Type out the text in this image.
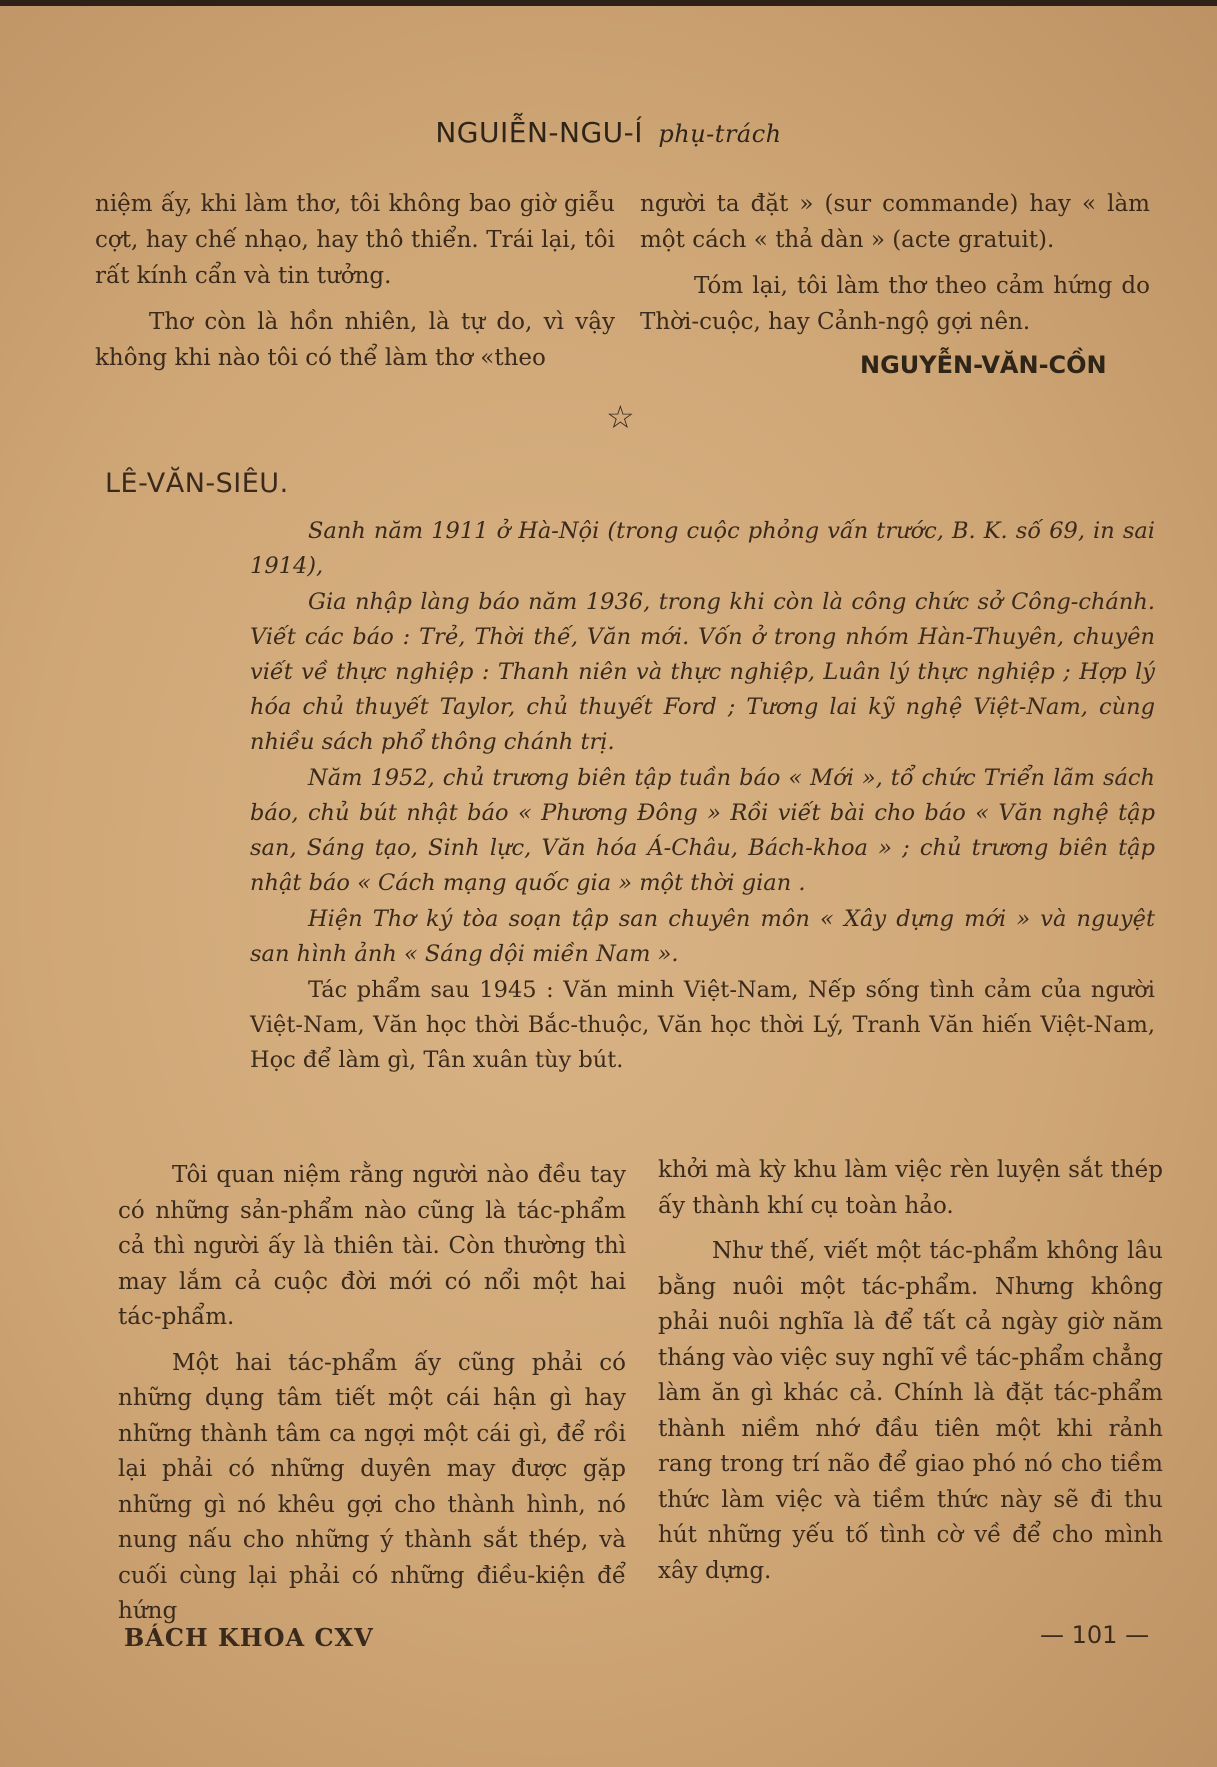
NGUIỄN-NGU-Í phụ-trách

niệm ấy, khi làm thơ, tôi không bao giờ giễu cợt, hay chế nhạo, hay thô thiển. Trái lại, tôi rất kính cẩn và tin tưởng.

Thơ còn là hồn nhiên, là tự do, vì vậy không khi nào tôi có thể làm thơ «theo

người ta đặt » (sur commande) hay « làm một cách « thả dàn » (acte gratuit).

Tóm lại, tôi làm thơ theo cảm hứng do Thời-cuộc, hay Cảnh-ngộ gợi nên.

NGUYỄN-VĂN-CỒN
☆
LÊ-VĂN-SIÊU.

Sanh năm 1911 ở Hà-Nội (trong cuộc phỏng vấn trước, B. K. số 69, in sai 1914),

Gia nhập làng báo năm 1936, trong khi còn là công chức sở Công-chánh. Viết các báo : Trẻ, Thời thế, Văn mới. Vốn ở trong nhóm Hàn-Thuyên, chuyên viết về thực nghiệp : Thanh niên và thực nghiệp, Luân lý thực nghiệp ; Hợp lý hóa chủ thuyết Taylor, chủ thuyết Ford ; Tương lai kỹ nghệ Việt-Nam, cùng nhiều sách phổ thông chánh trị.

Năm 1952, chủ trương biên tập tuần báo « Mới », tổ chức Triển lãm sách báo, chủ bút nhật báo « Phương Đông » Rồi viết bài cho báo « Văn nghệ tập san, Sáng tạo, Sinh lực, Văn hóa Á-Châu, Bách-khoa » ; chủ trương biên tập nhật báo « Cách mạng quốc gia » một thời gian .

Hiện Thơ ký tòa soạn tập san chuyên môn « Xây dựng mới » và nguyệt san hình ảnh « Sáng dội miền Nam ».

Tác phẩm sau 1945 : Văn minh Việt-Nam, Nếp sống tình cảm của người Việt-Nam, Văn học thời Bắc-thuộc, Văn học thời Lý, Tranh Văn hiến Việt-Nam, Học để làm gì, Tân xuân tùy bút.

Tôi quan niệm rằng người nào đều tay có những sản-phẩm nào cũng là tác-phẩm cả thì người ấy là thiên tài. Còn thường thì may lắm cả cuộc đời mới có nổi một hai tác-phẩm.

Một hai tác-phẩm ấy cũng phải có những dụng tâm tiết một cái hận gì hay những thành tâm ca ngợi một cái gì, để rồi lại phải có những duyên may được gặp những gì nó khêu gợi cho thành hình, nó nung nấu cho những ý thành sắt thép, và cuối cùng lại phải có những điều-kiện để hứng

khởi mà kỳ khu làm việc rèn luyện sắt thép ấy thành khí cụ toàn hảo.

Như thế, viết một tác-phẩm không lâu bằng nuôi một tác-phẩm. Nhưng không phải nuôi nghĩa là để tất cả ngày giờ năm tháng vào việc suy nghĩ về tác-phẩm chẳng làm ăn gì khác cả. Chính là đặt tác-phẩm thành niềm nhớ đầu tiên một khi rảnh rang trong trí não để giao phó nó cho tiềm thức làm việc và tiềm thức này sẽ đi thu hút những yếu tố tình cờ về để cho mình xây dựng.

BÁCH KHOA CXV	— 101 —
